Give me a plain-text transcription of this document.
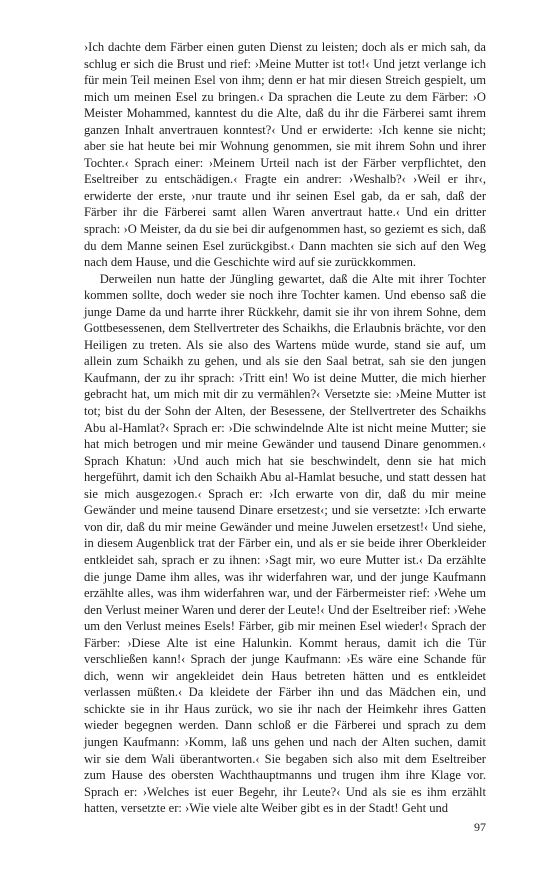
›Ich dachte dem Färber einen guten Dienst zu leisten; doch als er mich sah, da schlug er sich die Brust und rief: ›Meine Mutter ist tot!‹ Und jetzt verlange ich für mein Teil meinen Esel von ihm; denn er hat mir diesen Streich gespielt, um mich um meinen Esel zu bringen.‹ Da sprachen die Leute zu dem Färber: ›O Meister Mohammed, kanntest du die Alte, daß du ihr die Färberei samt ihrem ganzen Inhalt anvertrauen konntest?‹ Und er erwiderte: ›Ich kenne sie nicht; aber sie hat heute bei mir Wohnung genommen, sie mit ihrem Sohn und ihrer Tochter.‹ Sprach einer: ›Meinem Urteil nach ist der Färber verpflichtet, den Eseltreiber zu entschädigen.‹ Fragte ein andrer: ›Weshalb?‹ ›Weil er ihr‹, erwiderte der erste, ›nur traute und ihr seinen Esel gab, da er sah, daß der Färber ihr die Färberei samt allen Waren anvertraut hatte.‹ Und ein dritter sprach: ›O Meister, da du sie bei dir aufgenommen hast, so geziemt es sich, daß du dem Manne seinen Esel zurückgibst.‹ Dann machten sie sich auf den Weg nach dem Hause, und die Geschichte wird auf sie zurückkommen.

Derweilen nun hatte der Jüngling gewartet, daß die Alte mit ihrer Tochter kommen sollte, doch weder sie noch ihre Tochter kamen. Und ebenso saß die junge Dame da und harrte ihrer Rückkehr, damit sie ihr von ihrem Sohne, dem Gottbesessenen, dem Stellvertreter des Schaikhs, die Erlaubnis brächte, vor den Heiligen zu treten. Als sie also des Wartens müde wurde, stand sie auf, um allein zum Schaikh zu gehen, und als sie den Saal betrat, sah sie den jungen Kaufmann, der zu ihr sprach: ›Tritt ein! Wo ist deine Mutter, die mich hierher gebracht hat, um mich mit dir zu vermählen?‹ Versetzte sie: ›Meine Mutter ist tot; bist du der Sohn der Alten, der Besessene, der Stellvertreter des Schaikhs Abu al-Hamlat?‹ Sprach er: ›Die schwindelnde Alte ist nicht meine Mutter; sie hat mich betrogen und mir meine Gewänder und tausend Dinare genommen.‹ Sprach Khatun: ›Und auch mich hat sie beschwindelt, denn sie hat mich hergeführt, damit ich den Schaikh Abu al-Hamlat besuche, und statt dessen hat sie mich ausgezogen.‹ Sprach er: ›Ich erwarte von dir, daß du mir meine Gewänder und meine tausend Dinare ersetzest‹; und sie versetzte: ›Ich erwarte von dir, daß du mir meine Gewänder und meine Juwelen ersetzest!‹ Und siehe, in diesem Augenblick trat der Färber ein, und als er sie beide ihrer Oberkleider entkleidet sah, sprach er zu ihnen: ›Sagt mir, wo eure Mutter ist.‹ Da erzählte die junge Dame ihm alles, was ihr widerfahren war, und der junge Kaufmann erzählte alles, was ihm widerfahren war, und der Färbermeister rief: ›Wehe um den Verlust meiner Waren und derer der Leute!‹ Und der Eseltreiber rief: ›Wehe um den Verlust meines Esels! Färber, gib mir meinen Esel wieder!‹ Sprach der Färber: ›Diese Alte ist eine Halunkin. Kommt heraus, damit ich die Tür verschließen kann!‹ Sprach der junge Kaufmann: ›Es wäre eine Schande für dich, wenn wir angekleidet dein Haus betreten hätten und es entkleidet verlassen müßten.‹ Da kleidete der Färber ihn und das Mädchen ein, und schickte sie in ihr Haus zurück, wo sie ihr nach der Heimkehr ihres Gatten wieder begegnen werden. Dann schloß er die Färberei und sprach zu dem jungen Kaufmann: ›Komm, laß uns gehen und nach der Alten suchen, damit wir sie dem Wali überantworten.‹ Sie begaben sich also mit dem Eseltreiber zum Hause des obersten Wachthauptmanns und trugen ihm ihre Klage vor. Sprach er: ›Welches ist euer Begehr, ihr Leute?‹ Und als sie es ihm erzählt hatten, versetzte er: ›Wie viele alte Weiber gibt es in der Stadt! Geht und

97
